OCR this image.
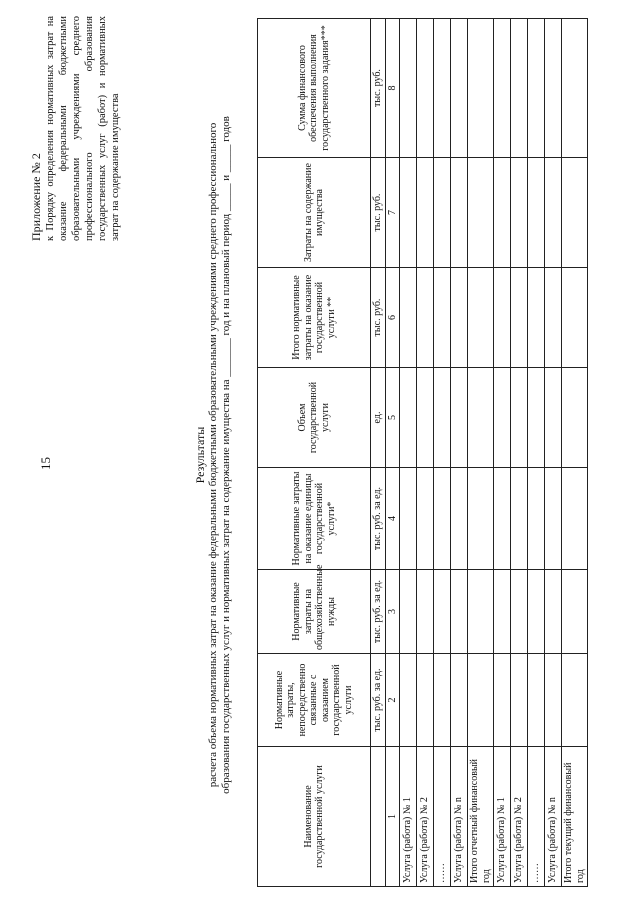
15
Приложение № 2 к Порядку определения нормативных затрат на оказание федеральными бюджетными образовательными учреждениями среднего профессионального образования государственных услуг (работ) и нормативных затрат на содержание имущества
Результаты расчета объема нормативных затрат на оказание федеральными бюджетными образовательными учреждениями среднего профессионального образования государственных услуг и нормативных затрат на содержание имущества на _______ год и на плановый период _____ и _____ годов
Наименование государственной услуги	Нормативные затраты, непосредственно связанные с оказанием государственной услуги	Нормативные затраты на общехозяйственные нужды	Нормативные затраты на оказание единицы государственной услуги*	Объем государственной услуги	Итого нормативные затраты на оказание государственной услуги **	Затраты на содержание имущества	Сумма финансового обеспечения выполнения государственного задания***
	тыс. руб. за ед.	тыс. руб. за ед.	тыс. руб. за ед.	ед.	тыс. руб.	тыс. руб.	тыс. руб.
1	2	3	4	5	6	7	8
Услуга (работа) № 1							
Услуга (работа) № 2							
……							
Услуга (работа) № n							
Итого отчетный финансовый год							
Услуга (работа) № 1							
Услуга (работа) № 2							
……							
Услуга (работа) № n							
Итого текущий финансовый год							
